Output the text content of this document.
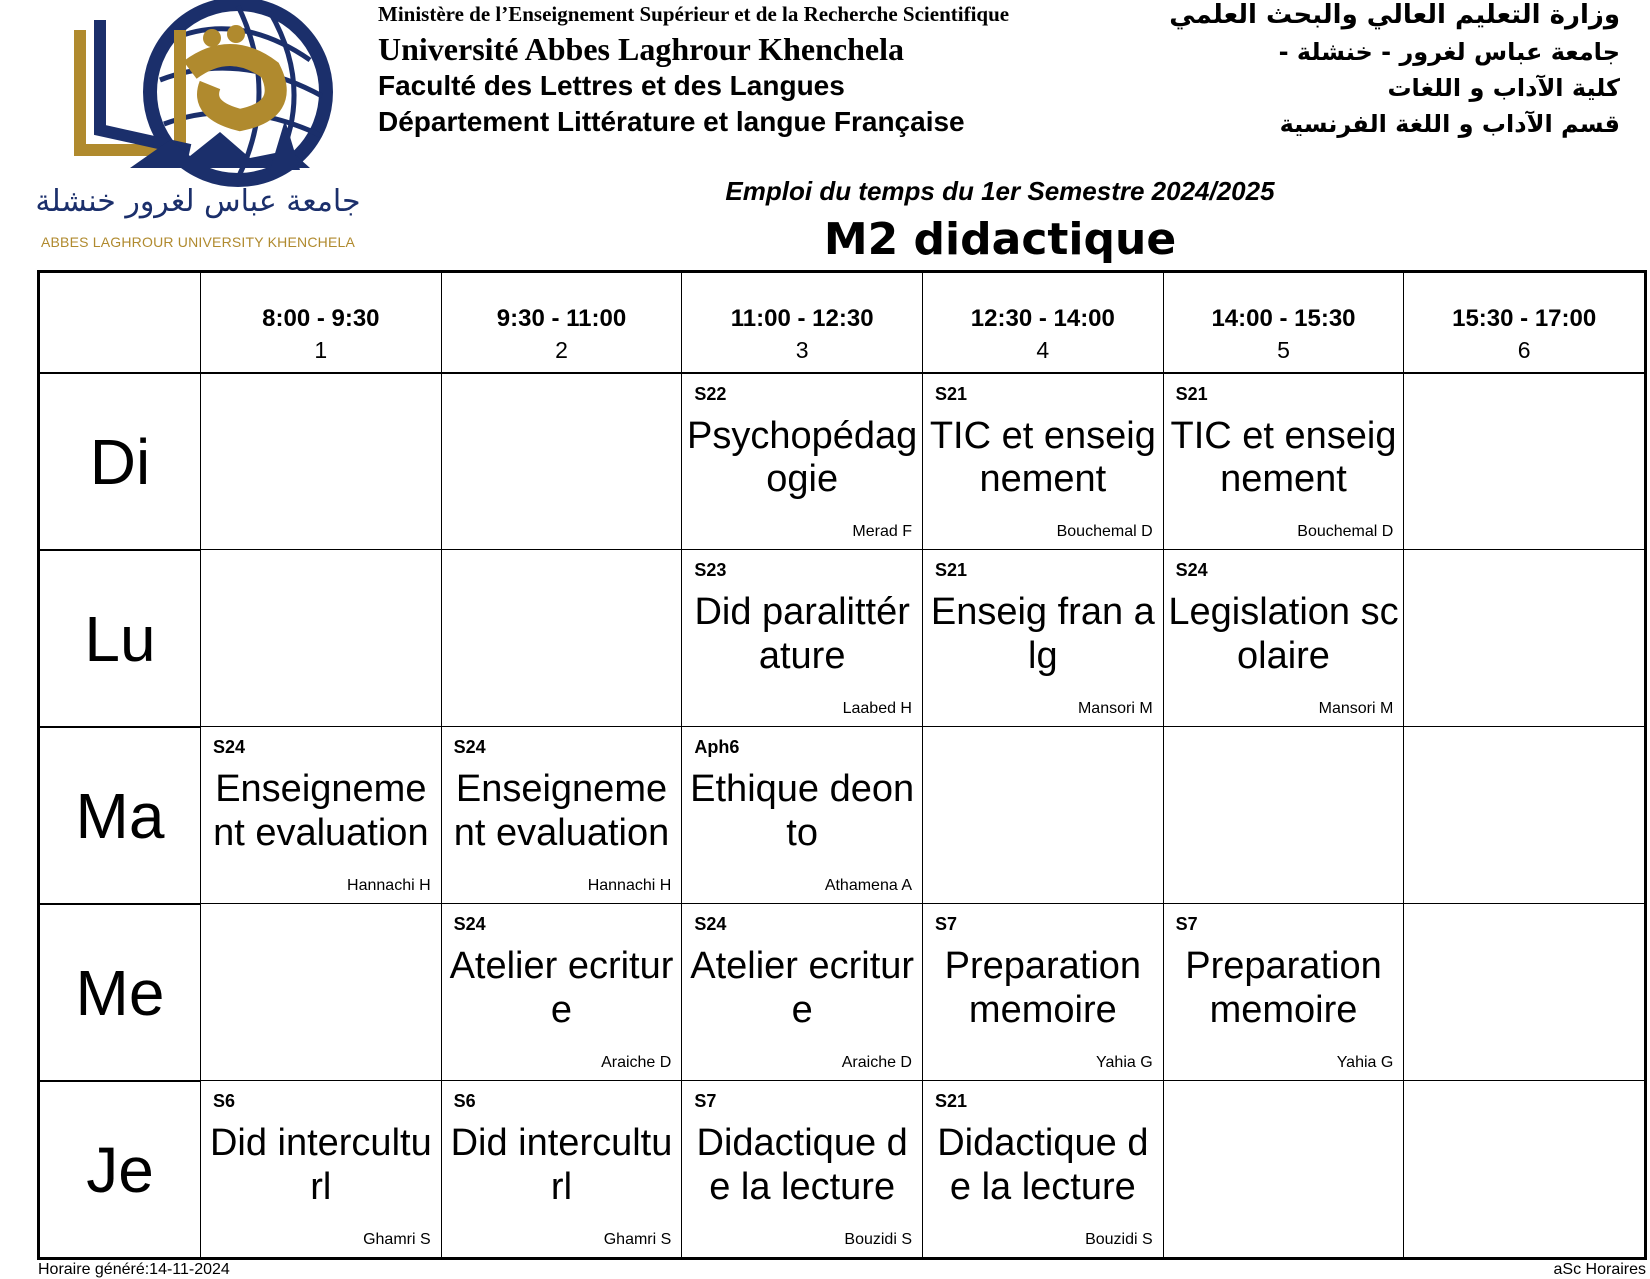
جامعة عباس لغرور خنشلة
ABBES LAGHROUR UNIVERSITY KHENCHELA
Ministère de l’Enseignement Supérieur et de la Recherche Scientifique
Université Abbes Laghrour Khenchela
Faculté des Lettres et des Langues
Département Littérature et langue Française
وزارة التعليم العالي والبحث العلمي
جامعة عباس لغرور - خنشلة -
كلية الآداب و اللغات
قسم الآداب و اللغة الفرنسية
Emploi du temps du 1er Semestre 2024/2025
M2 didactique
8:00 - 9:30
1
9:30 - 11:00
2
11:00 - 12:30
3
12:30 - 14:00
4
14:00 - 15:30
5
15:30 - 17:00
6
Di
S22
Psychopédagogie
Merad F
S21
TIC et enseignement
Bouchemal D
S21
TIC et enseignement
Bouchemal D
Lu
S23
Did paralittérature
Laabed H
S21
Enseig fran alg
Mansori M
S24
Legislation scolaire
Mansori M
Ma
S24
Enseignement evaluation
Hannachi H
S24
Enseignement evaluation
Hannachi H
Aph6
Ethique deonto
Athamena A
Me
S24
Atelier ecriture
Araiche D
S24
Atelier ecriture
Araiche D
S7
Preparation memoire
Yahia G
S7
Preparation memoire
Yahia G
Je
S6
Did interculturl
Ghamri S
S6
Did interculturl
Ghamri S
S7
Didactique de la lecture
Bouzidi S
S21
Didactique de la lecture
Bouzidi S
Horaire généré:14-11-2024	aSc Horaires
